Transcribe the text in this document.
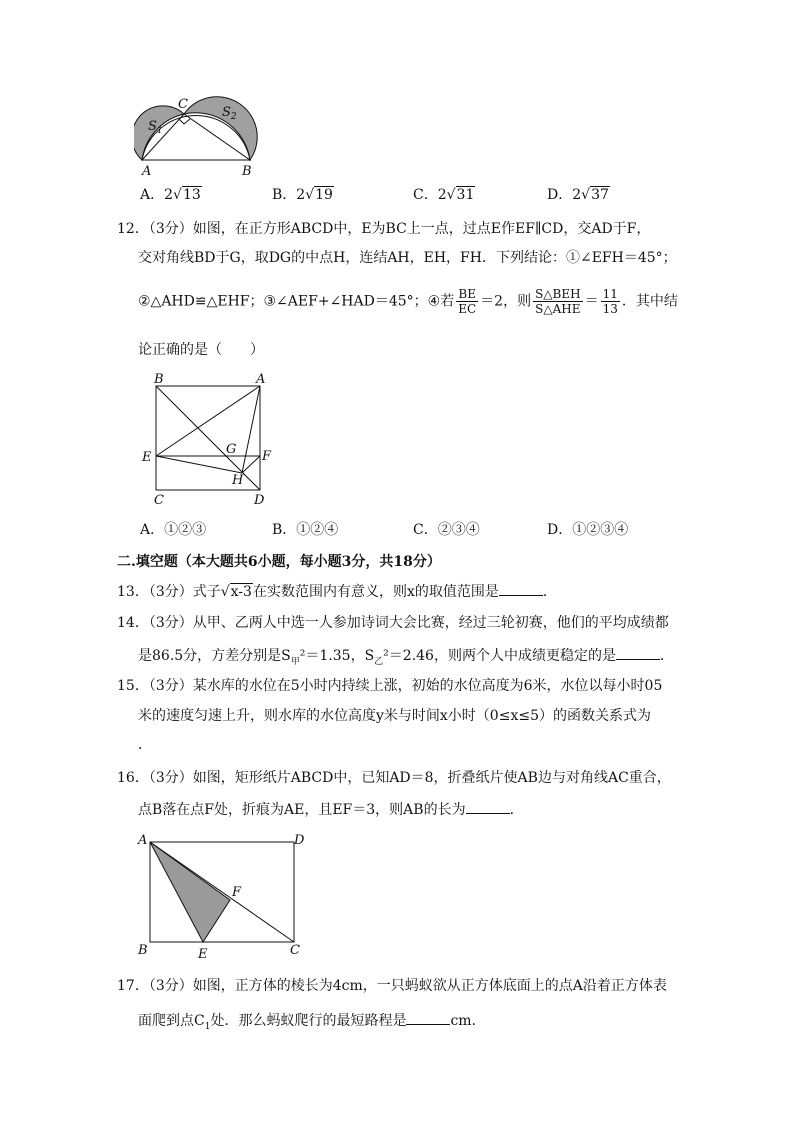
C
$S_1$
$S_2$
A	B
A．2√13	B．2√19	C．2√31	D．2√37
12．（3分）如图，在正方形ABCD中，E为BC上一点，过点E作EF∥CD，交AD于F，
交对角线BD于G，取DG的中点H，连结AH，EH，FH．下列结论：①∠EFH＝45°；
②△AHD≌△EHF；③∠AEF+∠HAD＝45°；④若 $\frac{BE}{EC} =2$，则 $\frac{\text{S△BEH}}{\text{S△AHE}} = \frac{11}{13}$ ．其中结
论正确的是（　　）
B	A
E
G F
H
C	D
A．①②③	B．①②④	C．②③④	D．①②③④
二.填空题（本大题共6小题，每小题3分，共18分）
13．（3分）式子√x-3在实数范围内有意义，则x的取值范围是	．
14．（3分）从甲、乙两人中选一人参加诗词大会比赛，经过三轮初赛，他们的平均成绩都
是86.5分，方差分别是$S_甲^2=1.35$，$S_乙^2=2.46$，则两个人中成绩更稳定的是	．
15．（3分）某水库的水位在5小时内持续上涨，初始的水位高度为6米，水位以每小时05
米的速度匀速上升，则水库的水位高度y米与时间x小时（0≤x≤5）的函数关系式为
．
16．（3分）如图，矩形纸片ABCD中，已知AD＝8，折叠纸片使AB边与对角线AC重合，
点B落在点F处，折痕为AE，且EF＝3，则AB的长为	．
A	D
F
B	E	C
17．（3分）如图，正方体的棱长为4cm，一只蚂蚁欲从正方体底面上的点A沿着正方体表
面爬到点$C_1$处．那么蚂蚁爬行的最短路程是	cm．
